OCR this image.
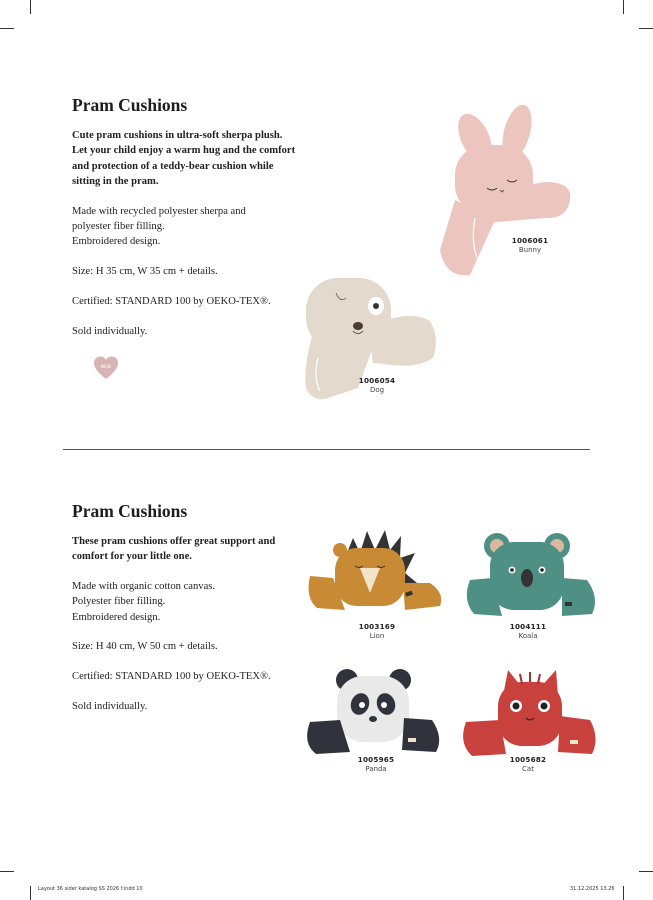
Pram Cushions

Cute pram cushions in ultra-soft sherpa plush.
Let your child enjoy a warm hug and the comfort
and protection of a teddy-bear cushion while
sitting in the pram.

Made with recycled polyester sherpa and
polyester fiber filling.
Embroidered design.

Size: H 35 cm, W 35 cm + details.

Certified: STANDARD 100 by OEKO-TEX®.

Sold individually.

NEW
1006061
Bunny
1006054
Dog
Pram Cushions

These pram cushions offer great support and
comfort for your little one.

Made with organic cotton canvas.
Polyester fiber filling.
Embroidered design.

Size: H 40 cm, W 50 cm + details.

Certified: STANDARD 100 by OEKO-TEX®.

Sold individually.

1003169
Lion
1004111
Koala
1005965
Panda
1005682
Cat
Layout 36 sider katalog SS 2026 f.indd 10	31.12.2025 13.26
